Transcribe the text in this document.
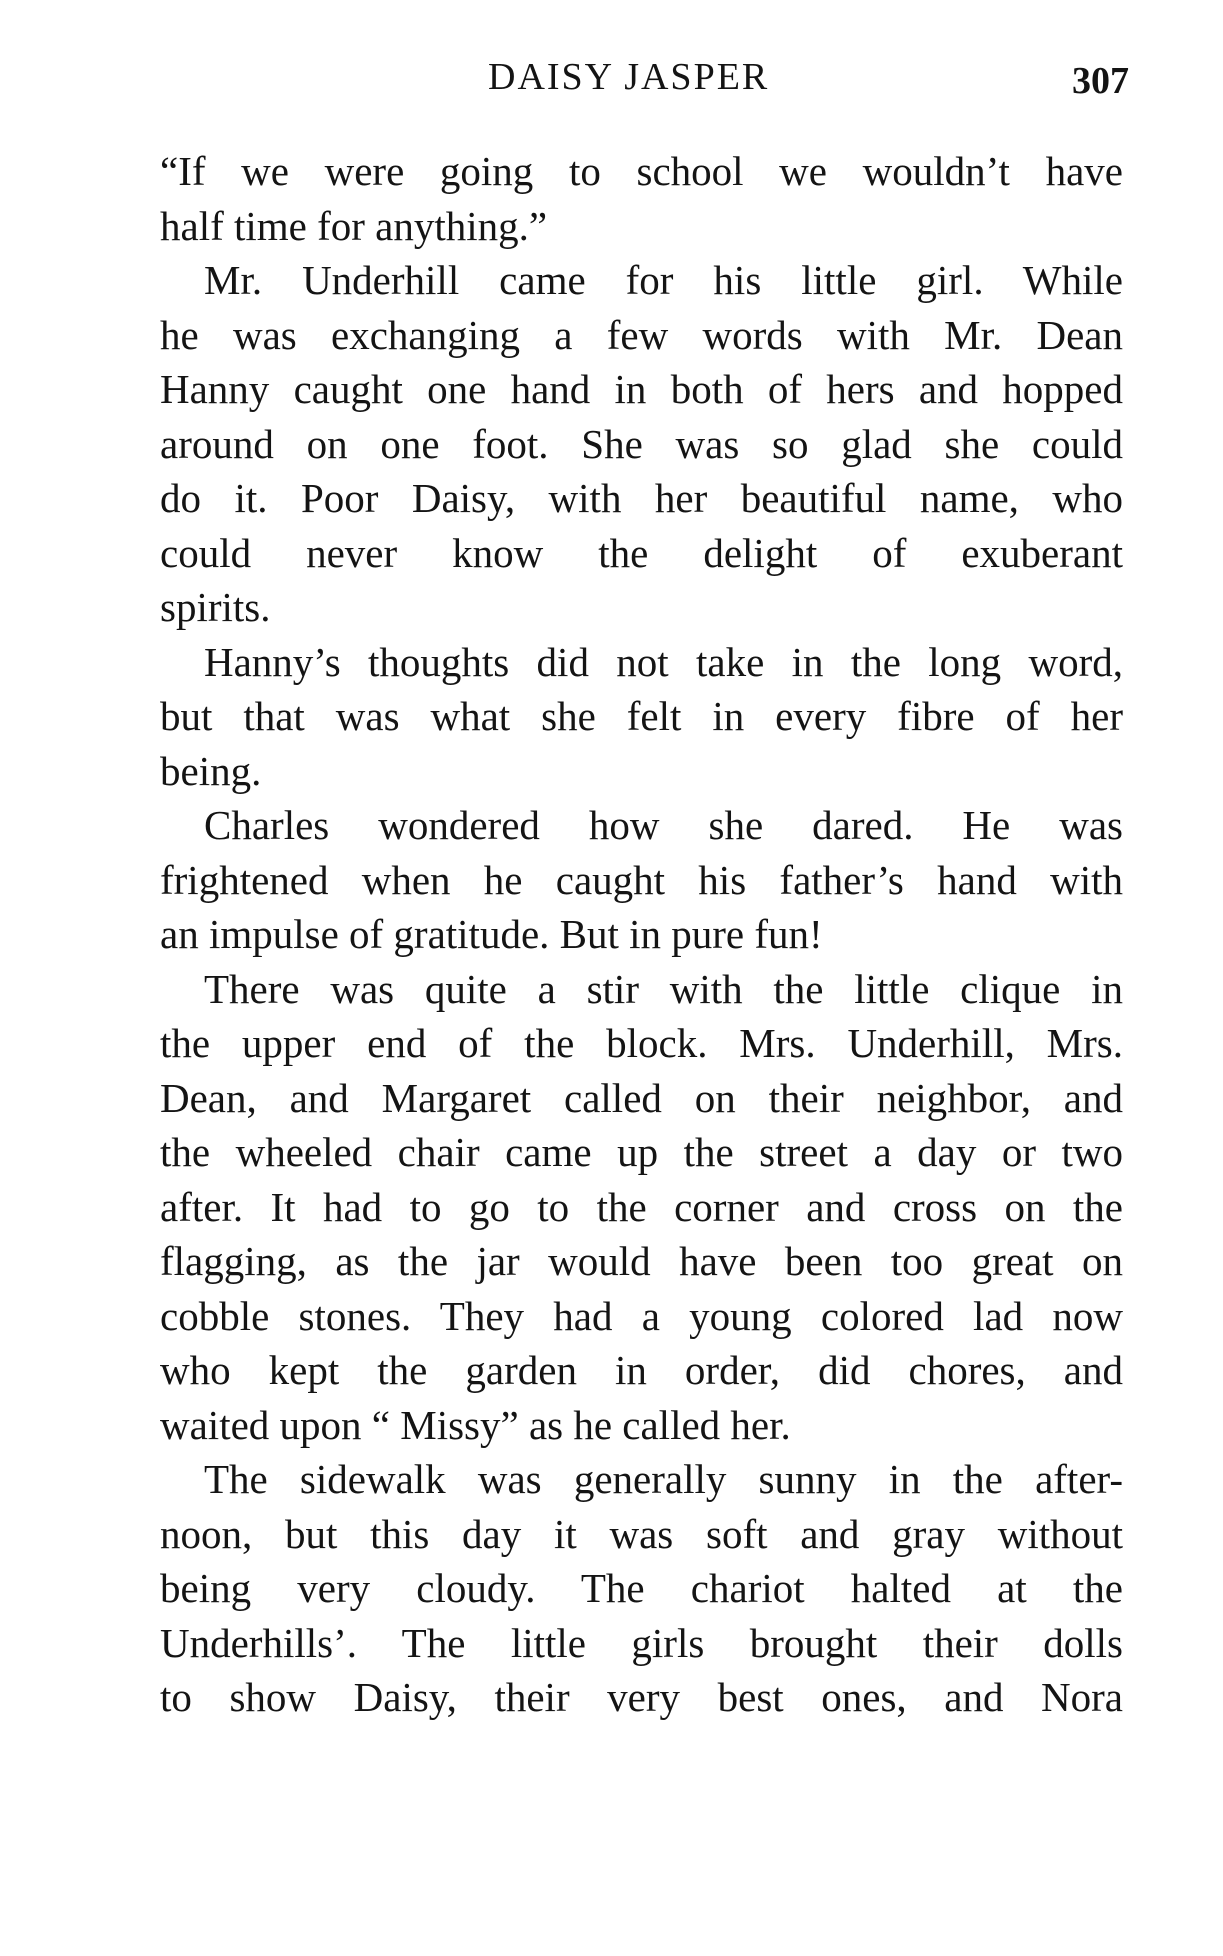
DAISY JASPER	307
“If we were going to school we wouldn’t have
half time for anything.”
Mr. Underhill came for his little girl. While
he was exchanging a few words with Mr. Dean
Hanny caught one hand in both of hers and hopped
around on one foot. She was so glad she could
do it. Poor Daisy, with her beautiful name, who
could never know the delight of exuberant
spirits.
Hanny’s thoughts did not take in the long word,
but that was what she felt in every fibre of her
being.
Charles wondered how she dared. He was
frightened when he caught his father’s hand with
an impulse of gratitude. But in pure fun!
There was quite a stir with the little clique in
the upper end of the block. Mrs. Underhill, Mrs.
Dean, and Margaret called on their neighbor, and
the wheeled chair came up the street a day or two
after. It had to go to the corner and cross on the
flagging, as the jar would have been too great on
cobble stones. They had a young colored lad now
who kept the garden in order, did chores, and
waited upon “ Missy” as he called her.
The sidewalk was generally sunny in the after-
noon, but this day it was soft and gray without
being very cloudy. The chariot halted at the
Underhills’. The little girls brought their dolls
to show Daisy, their very best ones, and Nora
